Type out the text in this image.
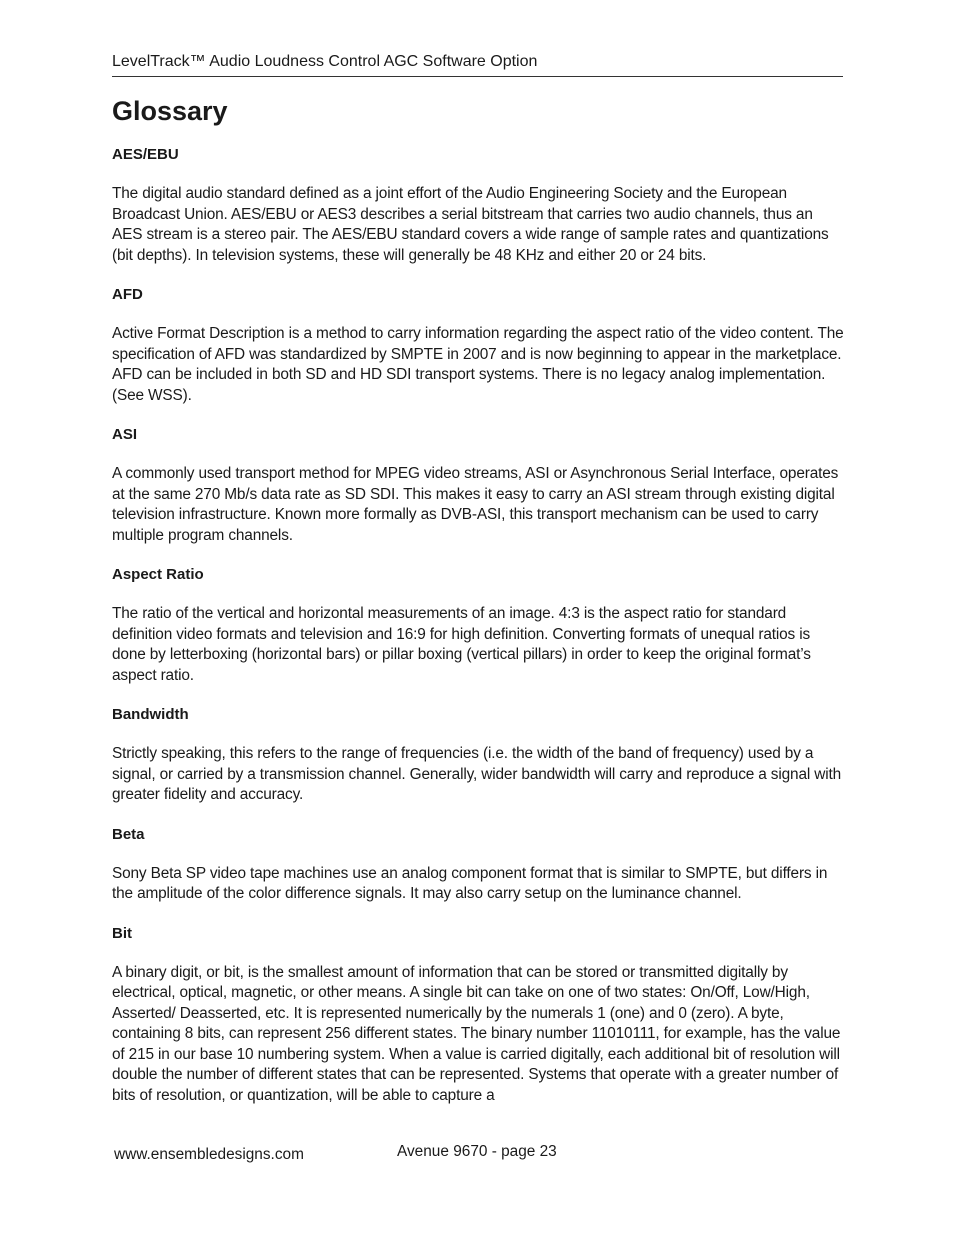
LevelTrack™ Audio Loudness Control AGC Software Option
Glossary
AES/EBU

The digital audio standard defined as a joint effort of the Audio Engineering Society and the European Broadcast Union. AES/EBU or AES3 describes a serial bitstream that carries two audio channels, thus an AES stream is a stereo pair. The AES/EBU standard covers a wide range of sample rates and quantizations (bit depths). In television systems, these will generally be 48 KHz and either 20 or 24 bits.

AFD

Active Format Description is a method to carry information regarding the aspect ratio of the video content. The specification of AFD was standardized by SMPTE in 2007 and is now beginning to appear in the marketplace. AFD can be included in both SD and HD SDI transport systems. There is no legacy analog implementation. (See WSS).

ASI

A commonly used transport method for MPEG video streams, ASI or Asynchronous Serial Interface, operates at the same 270 Mb/s data rate as SD SDI. This makes it easy to carry an ASI stream through existing digital television infrastructure. Known more formally as DVB-ASI, this transport mechanism can be used to carry multiple program channels.

Aspect Ratio

The ratio of the vertical and horizontal measurements of an image. 4:3 is the aspect ratio for standard definition video formats and television and 16:9 for high definition. Converting formats of unequal ratios is done by letterboxing (horizontal bars) or pillar boxing (vertical pillars) in order to keep the original format’s aspect ratio.

Bandwidth

Strictly speaking, this refers to the range of frequencies (i.e. the width of the band of frequency) used by a signal, or carried by a transmission channel. Generally, wider bandwidth will carry and reproduce a signal with greater fidelity and accuracy.

Beta

Sony Beta SP video tape machines use an analog component format that is similar to SMPTE, but differs in the amplitude of the color difference signals. It may also carry setup on the luminance channel.

Bit

A binary digit, or bit, is the smallest amount of information that can be stored or transmitted digitally by electrical, optical, magnetic, or other means. A single bit can take on one of two states: On/Off, Low/High, Asserted/ Deasserted, etc. It is represented numerically by the numerals 1 (one) and 0 (zero). A byte, containing 8 bits, can represent 256 different states. The binary number 11010111, for example, has the value of 215 in our base 10 numbering system. When a value is carried digitally, each additional bit of resolution will double the number of different states that can be represented. Systems that operate with a greater number of bits of resolution, or quantization, will be able to capture a

www.ensembledesigns.com	Avenue 9670 - page 23
